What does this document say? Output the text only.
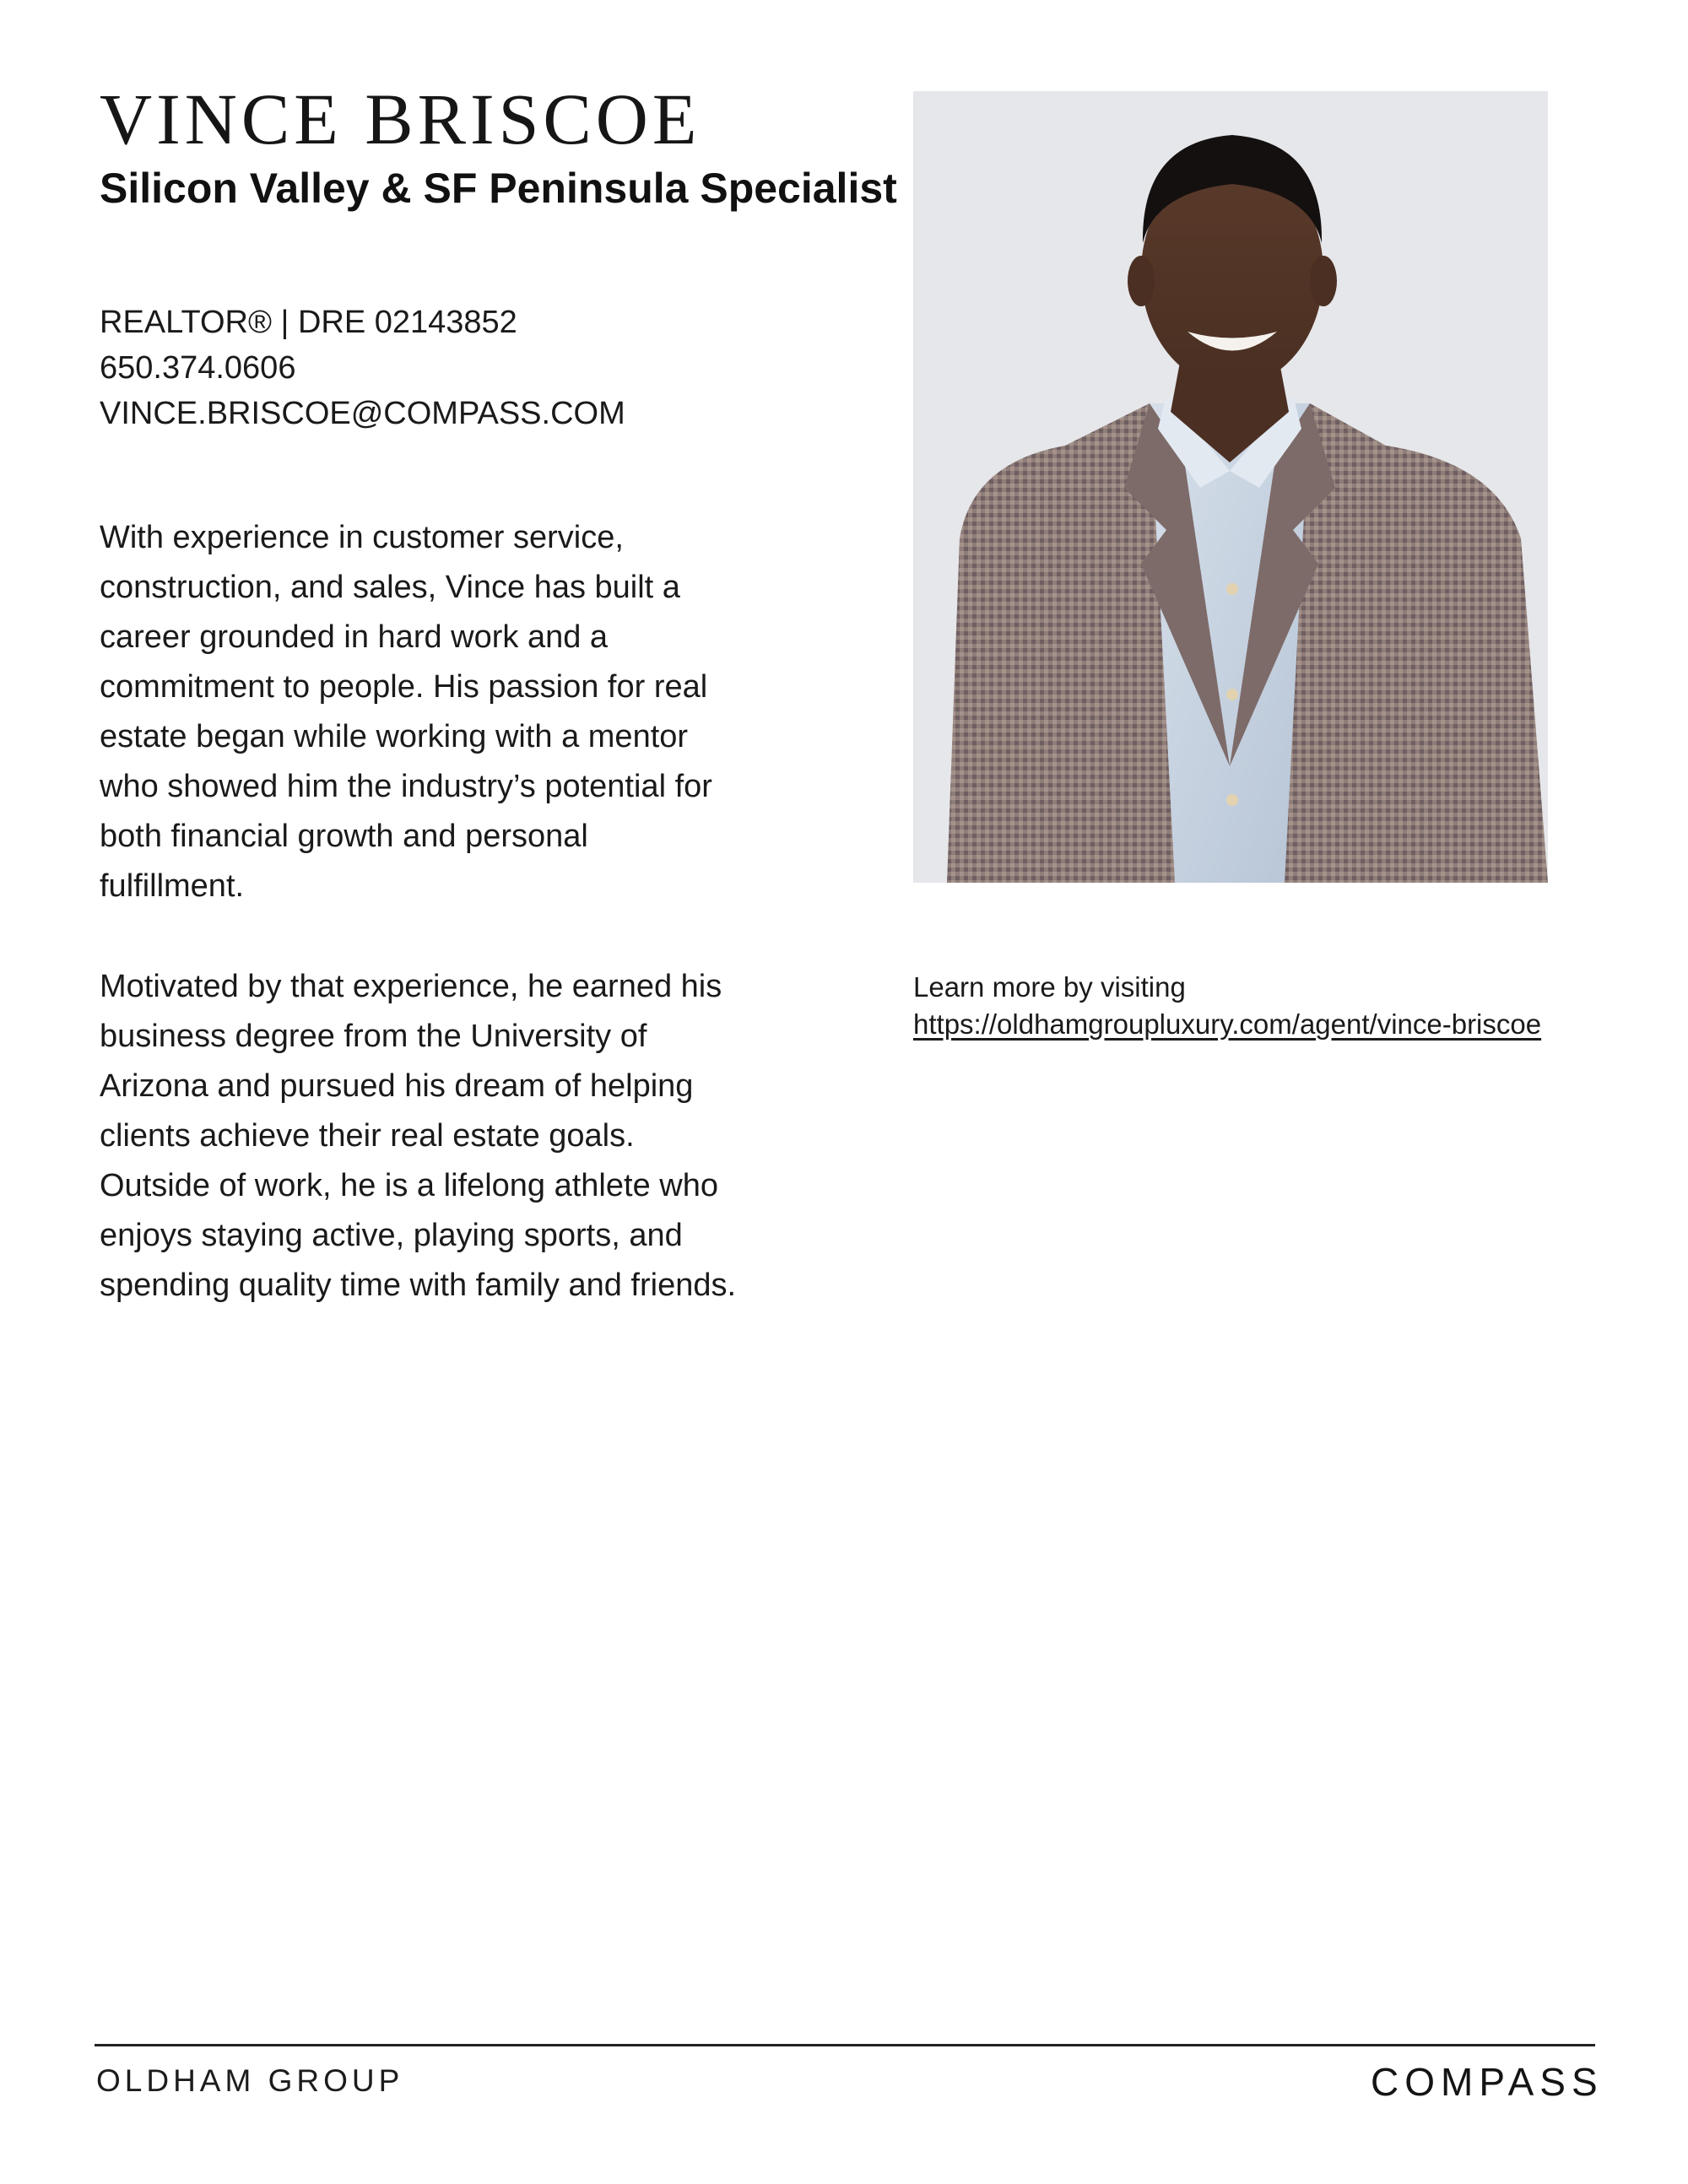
VINCE BRISCOE
Silicon Valley & SF Peninsula Specialist
REALTOR® | DRE 02143852
650.374.0606
VINCE.BRISCOE@COMPASS.COM

With experience in customer service, construction, and sales, Vince has built a career grounded in hard work and a commitment to people. His passion for real estate began while working with a mentor who showed him the industry’s potential for both financial growth and personal fulfillment.

Motivated by that experience, he earned his business degree from the University of Arizona and pursued his dream of helping clients achieve their real estate goals. Outside of work, he is a lifelong athlete who enjoys staying active, playing sports, and spending quality time with family and friends.

Learn more by visiting
https://oldhamgroupluxury.com/agent/vince-briscoe
OLDHAM GROUP	COMPASS
